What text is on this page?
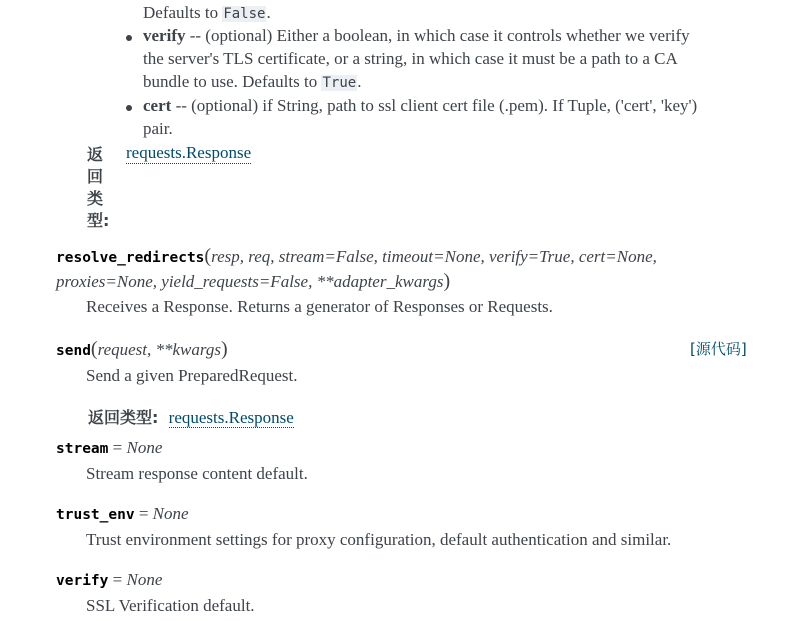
Defaults to False.
verify -- (optional) Either a boolean, in which case it controls whether we verify
the server's TLS certificate, or a string, in which case it must be a path to a CA
bundle to use. Defaults to True.
cert -- (optional) if String, path to ssl client cert file (.pem). If Tuple, ('cert', 'key')
pair.
返
回
类
型:
requests.Response
resolve_redirects(resp, req, stream=False, timeout=None, verify=True, cert=None,
proxies=None, yield_requests=False, **adapter_kwargs)
Receives a Response. Returns a generator of Responses or Requests.
send(request, **kwargs)	[源代码]
Send a given PreparedRequest.
返回类型: requests.Response
stream = None
Stream response content default.
trust_env = None
Trust environment settings for proxy configuration, default authentication and similar.
verify = None
SSL Verification default.
